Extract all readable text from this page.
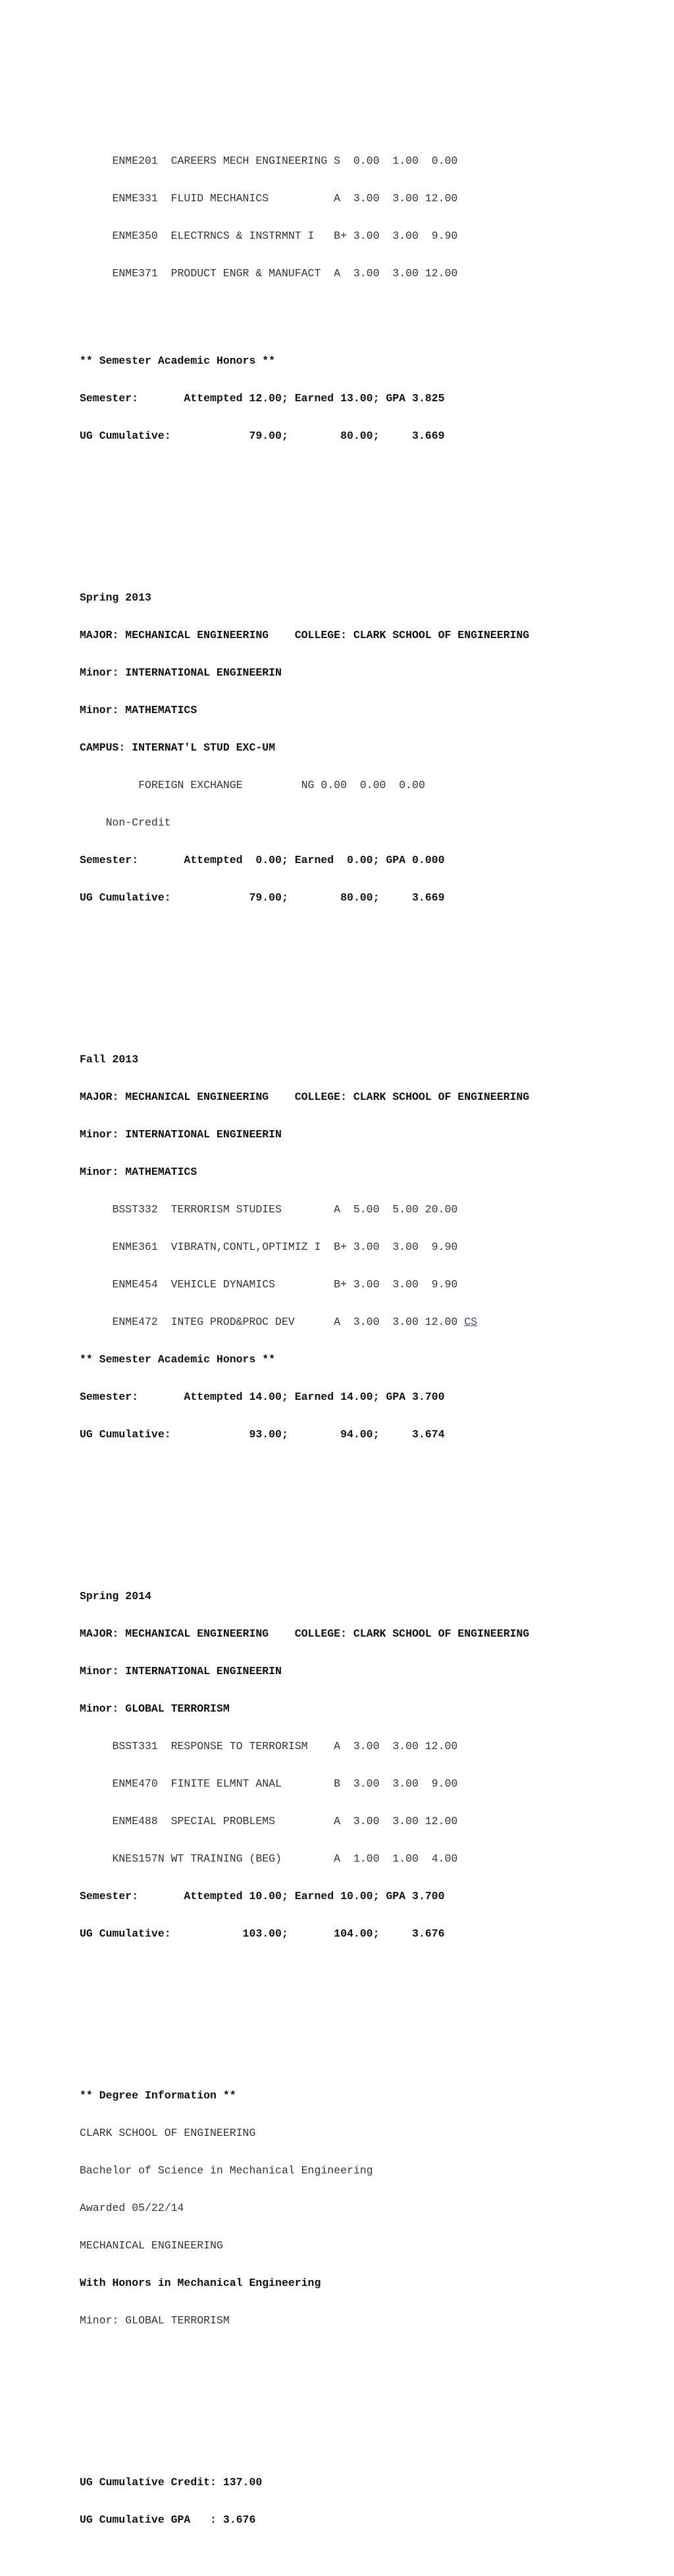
ENME201  CAREERS MECH ENGINEERING S  0.00  1.00  0.00

ENME331  FLUID MECHANICS          A  3.00  3.00 12.00

ENME350  ELECTRNCS & INSTRMNT I   B+ 3.00  3.00  9.90

ENME371  PRODUCT ENGR & MANUFACT  A  3.00  3.00 12.00

** Semester Academic Honors **

Semester:       Attempted 12.00; Earned 13.00; GPA 3.825

UG Cumulative:            79.00;        80.00;     3.669

Spring 2013

MAJOR: MECHANICAL ENGINEERING    COLLEGE: CLARK SCHOOL OF ENGINEERING

Minor: INTERNATIONAL ENGINEERIN

Minor: MATHEMATICS

CAMPUS: INTERNAT'L STUD EXC-UM

FOREIGN EXCHANGE         NG 0.00  0.00  0.00

Non-Credit

Semester:       Attempted  0.00; Earned  0.00; GPA 0.000

UG Cumulative:            79.00;        80.00;     3.669

Fall 2013

MAJOR: MECHANICAL ENGINEERING    COLLEGE: CLARK SCHOOL OF ENGINEERING

Minor: INTERNATIONAL ENGINEERIN

Minor: MATHEMATICS

BSST332  TERRORISM STUDIES        A  5.00  5.00 20.00

ENME361  VIBRATN,CONTL,OPTIMIZ I  B+ 3.00  3.00  9.90

ENME454  VEHICLE DYNAMICS         B+ 3.00  3.00  9.90

ENME472  INTEG PROD&PROC DEV      A  3.00  3.00 12.00 CS

** Semester Academic Honors **

Semester:       Attempted 14.00; Earned 14.00; GPA 3.700

UG Cumulative:            93.00;        94.00;     3.674

Spring 2014

MAJOR: MECHANICAL ENGINEERING    COLLEGE: CLARK SCHOOL OF ENGINEERING

Minor: INTERNATIONAL ENGINEERIN

Minor: GLOBAL TERRORISM

BSST331  RESPONSE TO TERRORISM    A  3.00  3.00 12.00

ENME470  FINITE ELMNT ANAL        B  3.00  3.00  9.00

ENME488  SPECIAL PROBLEMS         A  3.00  3.00 12.00

KNES157N WT TRAINING (BEG)        A  1.00  1.00  4.00

Semester:       Attempted 10.00; Earned 10.00; GPA 3.700

UG Cumulative:           103.00;       104.00;     3.676

** Degree Information **

CLARK SCHOOL OF ENGINEERING

Bachelor of Science in Mechanical Engineering

Awarded 05/22/14

MECHANICAL ENGINEERING

With Honors in Mechanical Engineering

Minor: GLOBAL TERRORISM

UG Cumulative Credit: 137.00

UG Cumulative GPA   : 3.676
